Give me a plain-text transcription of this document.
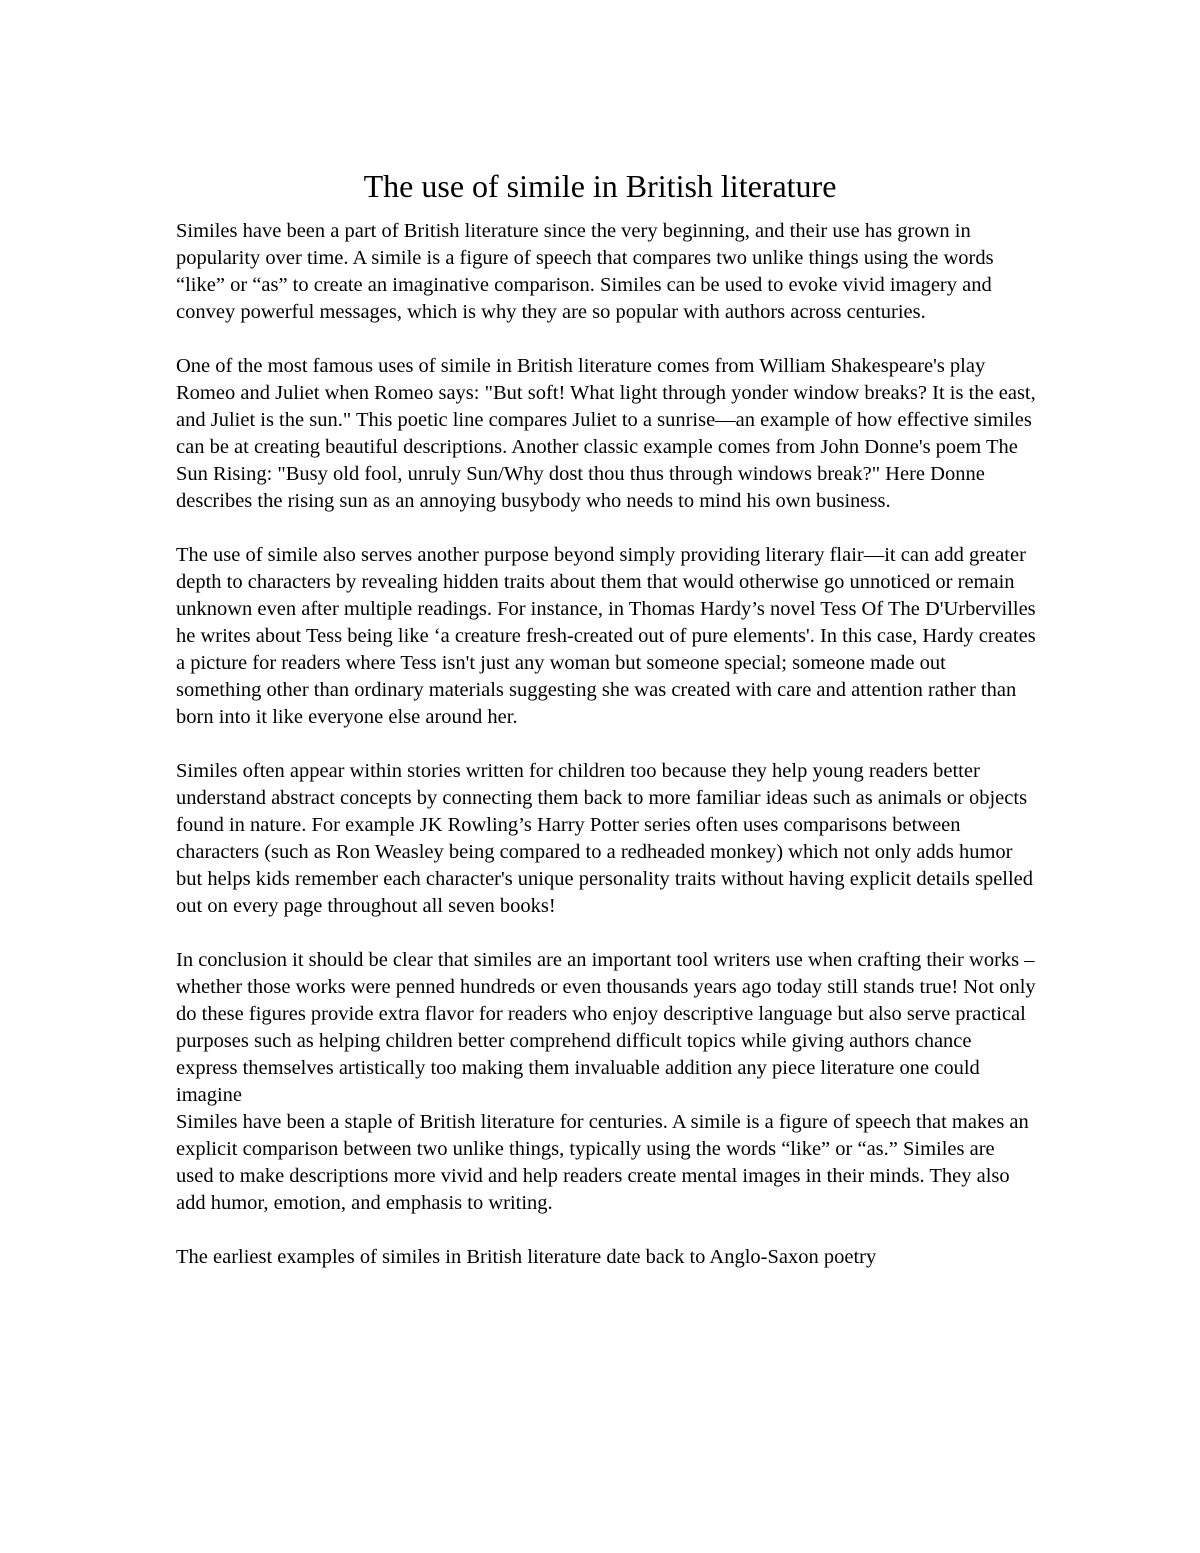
The use of simile in British literature

Similes have been a part of British literature since the very beginning, and their use has grown in popularity over time. A simile is a figure of speech that compares two unlike things using the words “like” or “as” to create an imaginative comparison. Similes can be used to evoke vivid imagery and convey powerful messages, which is why they are so popular with authors across centuries.

One of the most famous uses of simile in British literature comes from William Shakespeare's play Romeo and Juliet when Romeo says: "But soft! What light through yonder window breaks? It is the east, and Juliet is the sun." This poetic line compares Juliet to a sunrise—an example of how effective similes can be at creating beautiful descriptions. Another classic example comes from John Donne's poem The Sun Rising: "Busy old fool, unruly Sun/Why dost thou thus through windows break?" Here Donne describes the rising sun as an annoying busybody who needs to mind his own business.

The use of simile also serves another purpose beyond simply providing literary flair—it can add greater depth to characters by revealing hidden traits about them that would otherwise go unnoticed or remain unknown even after multiple readings. For instance, in Thomas Hardy’s novel Tess Of The D'Urbervilles he writes about Tess being like ‘a creature fresh-created out of pure elements'. In this case, Hardy creates a picture for readers where Tess isn't just any woman but someone special; someone made out something other than ordinary materials suggesting she was created with care and attention rather than born into it like everyone else around her.

Similes often appear within stories written for children too because they help young readers better understand abstract concepts by connecting them back to more familiar ideas such as animals or objects found in nature. For example JK Rowling’s Harry Potter series often uses comparisons between characters (such as Ron Weasley being compared to a redheaded monkey) which not only adds humor but helps kids remember each character's unique personality traits without having explicit details spelled out on every page throughout all seven books!

In conclusion it should be clear that similes are an important tool writers use when crafting their works – whether those works were penned hundreds or even thousands years ago today still stands true! Not only do these figures provide extra flavor for readers who enjoy descriptive language but also serve practical purposes such as helping children better comprehend difficult topics while giving authors chance express themselves artistically too making them invaluable addition any piece literature one could imagine

Similes have been a staple of British literature for centuries. A simile is a figure of speech that makes an explicit comparison between two unlike things, typically using the words “like” or “as.” Similes are used to make descriptions more vivid and help readers create mental images in their minds. They also add humor, emotion, and emphasis to writing.

The earliest examples of similes in British literature date back to Anglo-Saxon poetry
